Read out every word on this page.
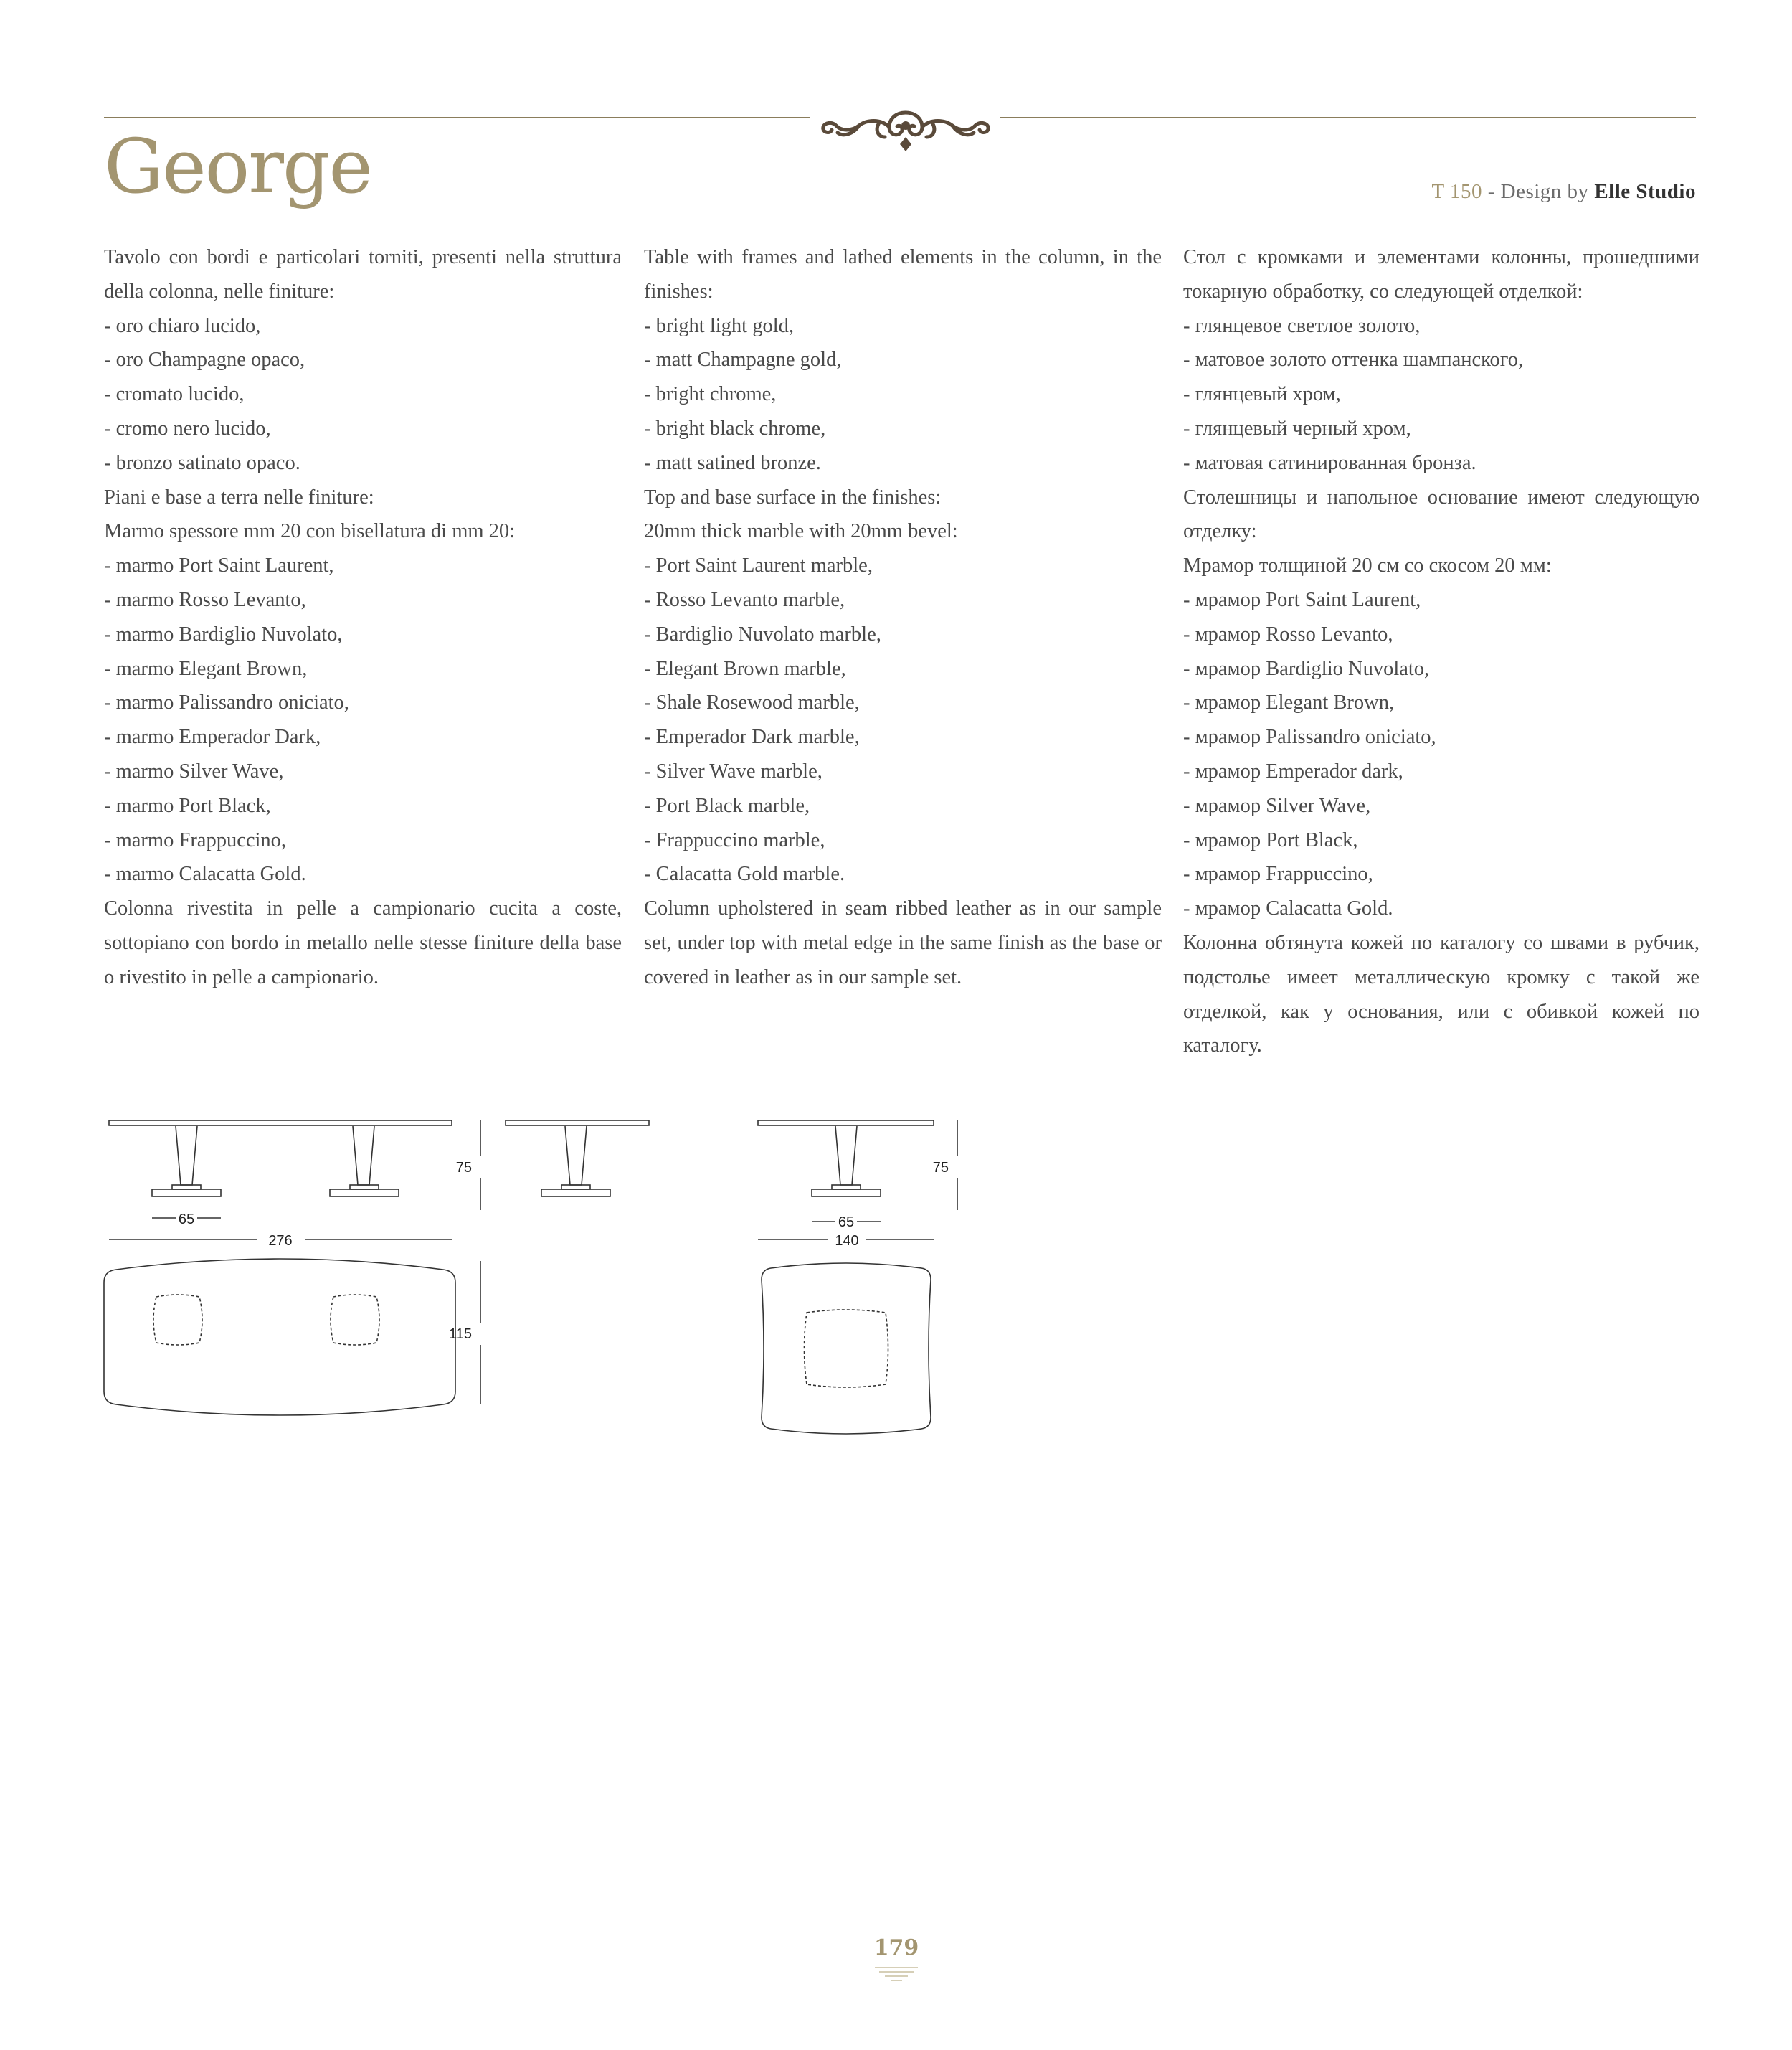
George	T 150 - Design by Elle Studio

Tavolo con bordi e particolari torniti, presenti nella struttura della colonna, nelle finiture:

- oro chiaro lucido,
- oro Champagne opaco,
- cromato lucido,
- cromo nero lucido,
- bronzo satinato opaco.
Piani e base a terra nelle finiture:
Marmo spessore mm 20 con bisellatura di mm 20:
- marmo Port Saint Laurent,
- marmo Rosso Levanto,
- marmo Bardiglio Nuvolato,
- marmo Elegant Brown,
- marmo Palissandro oniciato,
- marmo Emperador Dark,
- marmo Silver Wave,
- marmo Port Black,
- marmo Frappuccino,
- marmo Calacatta Gold.

Colonna rivestita in pelle a campionario cucita a coste, sottopiano con bordo in metallo nelle stesse finiture della base o rivestito in pelle a campionario.

Table with frames and lathed elements in the column, in the finishes:

- bright light gold,
- matt Champagne gold,
- bright chrome,
- bright black chrome,
- matt satined bronze.
Top and base surface in the finishes:
20mm thick marble with 20mm bevel:
- Port Saint Laurent marble,
- Rosso Levanto marble,
- Bardiglio Nuvolato marble,
- Elegant Brown marble,
- Shale Rosewood marble,
- Emperador Dark marble,
- Silver Wave marble,
- Port Black marble,
- Frappuccino marble,
- Calacatta Gold marble.

Column upholstered in seam ribbed leather as in our sample set, under top with metal edge in the same finish as the base or covered in leather as in our sample set.

Стол с кромками и элементами колонны, прошедшими токарную обработку, со следующей отделкой:

- глянцевое светлое золото,
- матовое золото оттенка шампанского,
- глянцевый хром,
- глянцевый черный хром,
- матовая сатинированная бронза.

Столешницы и напольное основание имеют следующую отделку:

Мрамор толщиной 20 см со скосом 20 мм:
- мрамор Port Saint Laurent,
- мрамор Rosso Levanto,
- мрамор Bardiglio Nuvolato,
- мрамор Elegant Brown,
- мрамор Palissandro oniciato,
- мрамор Emperador dark,
- мрамор Silver Wave,
- мрамор Port Black,
- мрамор Frappuccino,
- мрамор Calacatta Gold.

Колонна обтянута кожей по каталогу со швами в рубчик, подстолье имеет металлическую кромку с такой же отделкой, как у основания, или с обивкой кожей по каталогу.

75
65
276
115
75
65
140
179
